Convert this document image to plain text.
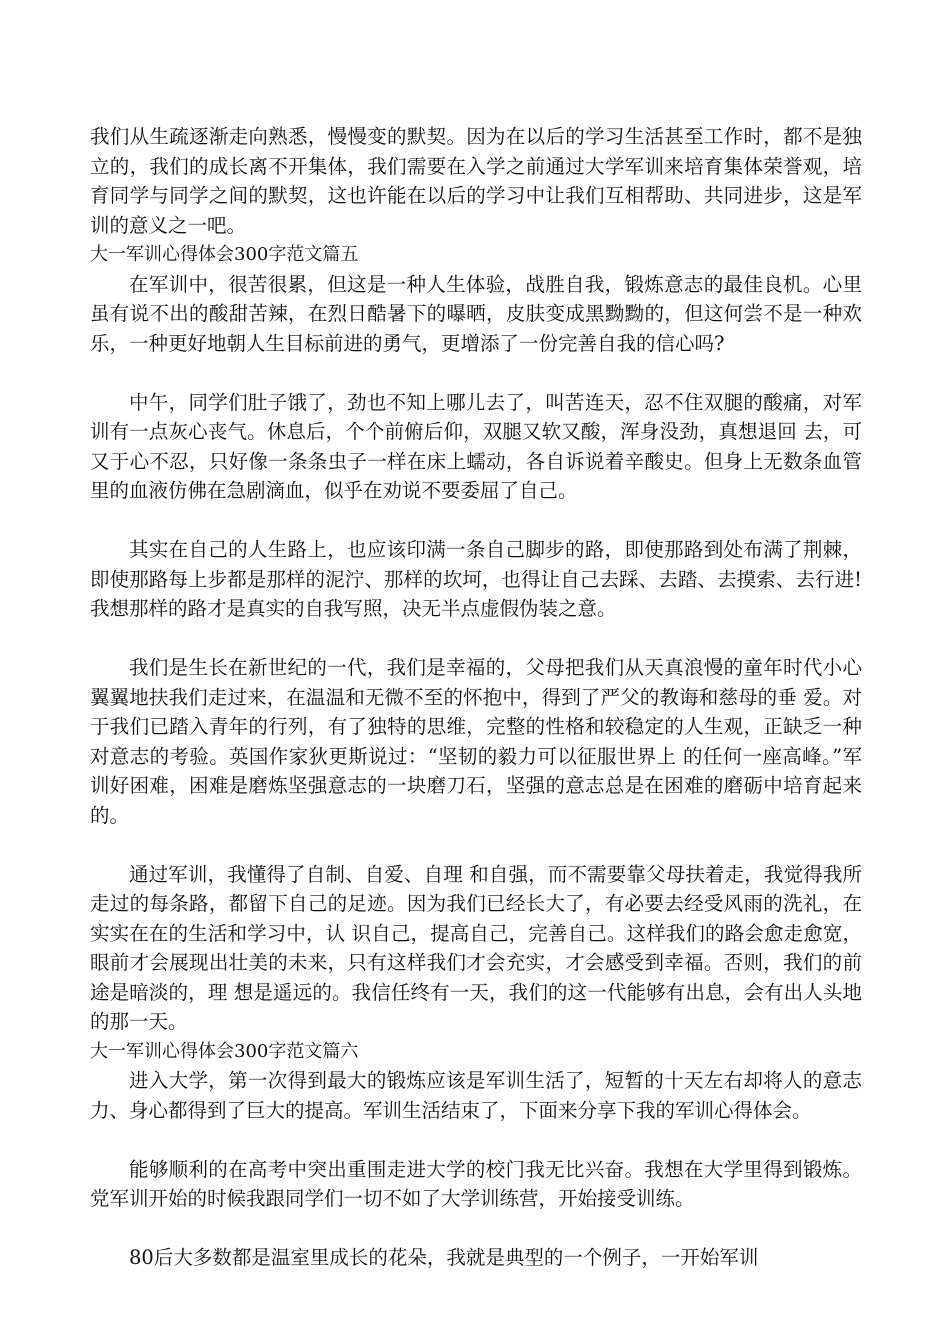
我们从生疏逐渐走向熟悉，慢慢变的默契。因为在以后的学习生活甚至工作时，都不是独立的，我们的成长离不开集体，我们需要在入学之前通过大学军训来培育集体荣誉观，培育同学与同学之间的默契，这也许能在以后的学习中让我们互相帮助、共同进步，这是军训的意义之一吧。

大一军训心得体会300字范文篇五

在军训中，很苦很累，但这是一种人生体验，战胜自我，锻炼意志的最佳良机。心里虽有说不出的酸甜苦辣，在烈日酷暑下的曝晒，皮肤变成黑黝黝的，但这何尝不是一种欢乐，一种更好地朝人生目标前进的勇气，更增添了一份完善自我的信心吗?

中午，同学们肚子饿了，劲也不知上哪儿去了，叫苦连天，忍不住双腿的酸痛，对军训有一点灰心丧气。休息后，个个前俯后仰，双腿又软又酸，浑身没劲，真想退回 去，可又于心不忍，只好像一条条虫子一样在床上蠕动，各自诉说着辛酸史。但身上无数条血管里的血液仿佛在急剧滴血，似乎在劝说不要委屈了自己。

其实在自己的人生路上，也应该印满一条自己脚步的路，即使那路到处布满了荆棘，即使那路每上步都是那样的泥泞、那样的坎坷，也得让自己去踩、去踏、去摸索、去行进!我想那样的路才是真实的自我写照，决无半点虚假伪装之意。

我们是生长在新世纪的一代，我们是幸福的，父母把我们从天真浪慢的童年时代小心翼翼地扶我们走过来，在温温和无微不至的怀抱中，得到了严父的教诲和慈母的垂 爱。对于我们已踏入青年的行列，有了独特的思维，完整的性格和较稳定的人生观，正缺乏一种对意志的考验。英国作家狄更斯说过：“坚韧的毅力可以征服世界上 的任何一座高峰。”军训好困难，困难是磨炼坚强意志的一块磨刀石，坚强的意志总是在困难的磨砺中培育起来的。

通过军训，我懂得了自制、自爱、自理 和自强，而不需要靠父母扶着走，我觉得我所走过的每条路，都留下自己的足迹。因为我们已经长大了，有必要去经受风雨的洗礼，在实实在在的生活和学习中，认 识自己，提高自己，完善自己。这样我们的路会愈走愈宽，眼前才会展现出壮美的未来，只有这样我们才会充实，才会感受到幸福。否则，我们的前途是暗淡的，理 想是遥远的。我信任终有一天，我们的这一代能够有出息，会有出人头地的那一天。

大一军训心得体会300字范文篇六

进入大学，第一次得到最大的锻炼应该是军训生活了，短暂的十天左右却将人的意志力、身心都得到了巨大的提高。军训生活结束了，下面来分享下我的军训心得体会。

能够顺利的在高考中突出重围走进大学的校门我无比兴奋。我想在大学里得到锻炼。党军训开始的时候我跟同学们一切不如了大学训练营，开始接受训练。

80后大多数都是温室里成长的花朵，我就是典型的一个例子，一开始军训
